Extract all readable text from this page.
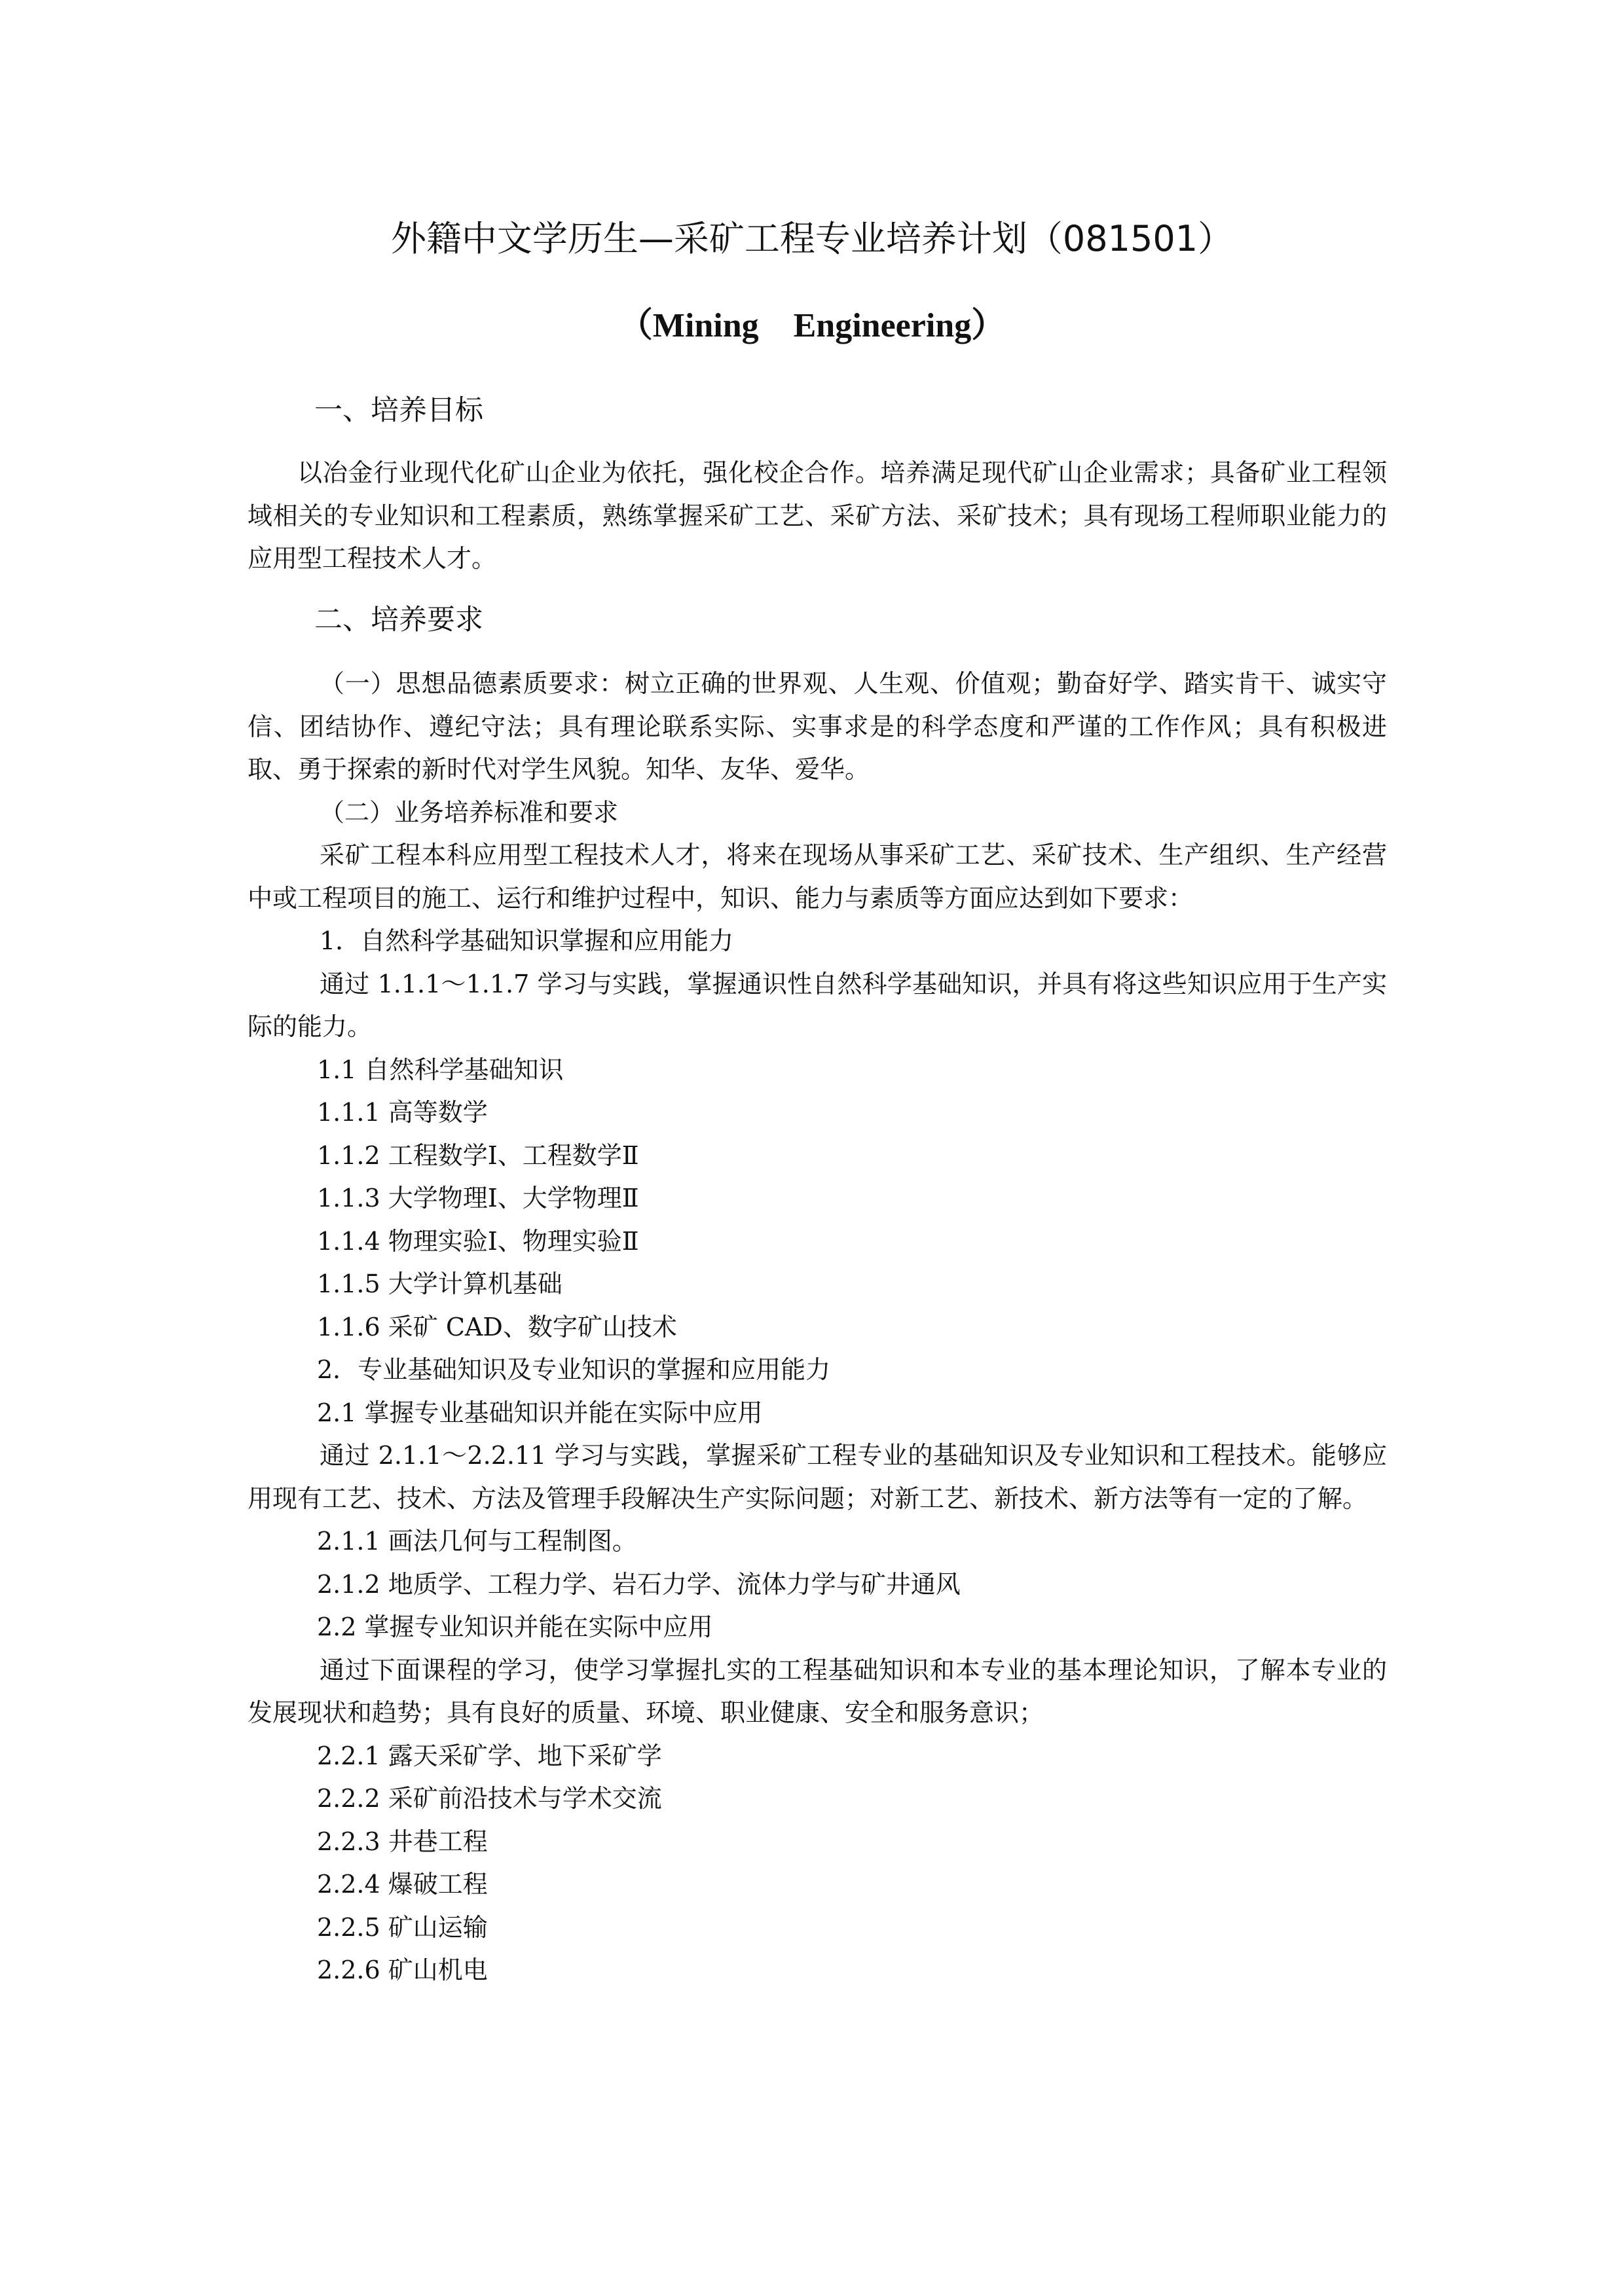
外籍中文学历生—采矿工程专业培养计划（081501）
（Mining Engineering）
一、培养目标

以冶金行业现代化矿山企业为依托，强化校企合作。培养满足现代矿山企业需求；具备矿业工程领域相关的专业知识和工程素质，熟练掌握采矿工艺、采矿方法、采矿技术；具有现场工程师职业能力的应用型工程技术人才。

二、培养要求

（一）思想品德素质要求：树立正确的世界观、人生观、价值观；勤奋好学、踏实肯干、诚实守信、团结协作、遵纪守法；具有理论联系实际、实事求是的科学态度和严谨的工作作风；具有积极进取、勇于探索的新时代对学生风貌。知华、友华、爱华。

（二）业务培养标准和要求

采矿工程本科应用型工程技术人才，将来在现场从事采矿工艺、采矿技术、生产组织、生产经营中或工程项目的施工、运行和维护过程中，知识、能力与素质等方面应达到如下要求：

1．自然科学基础知识掌握和应用能力

通过 1.1.1～1.1.7 学习与实践，掌握通识性自然科学基础知识，并具有将这些知识应用于生产实际的能力。

1.1 自然科学基础知识

1.1.1 高等数学

1.1.2 工程数学Ⅰ、工程数学Ⅱ

1.1.3 大学物理Ⅰ、大学物理Ⅱ

1.1.4 物理实验Ⅰ、物理实验Ⅱ

1.1.5 大学计算机基础

1.1.6 采矿 CAD、数字矿山技术

2．专业基础知识及专业知识的掌握和应用能力

2.1 掌握专业基础知识并能在实际中应用

通过 2.1.1～2.2.11 学习与实践，掌握采矿工程专业的基础知识及专业知识和工程技术。能够应用现有工艺、技术、方法及管理手段解决生产实际问题；对新工艺、新技术、新方法等有一定的了解。

2.1.1 画法几何与工程制图。

2.1.2 地质学、工程力学、岩石力学、流体力学与矿井通风

2.2 掌握专业知识并能在实际中应用

通过下面课程的学习，使学习掌握扎实的工程基础知识和本专业的基本理论知识，了解本专业的发展现状和趋势；具有良好的质量、环境、职业健康、安全和服务意识；

2.2.1 露天采矿学、地下采矿学

2.2.2 采矿前沿技术与学术交流

2.2.3 井巷工程

2.2.4 爆破工程

2.2.5 矿山运输

2.2.6 矿山机电
